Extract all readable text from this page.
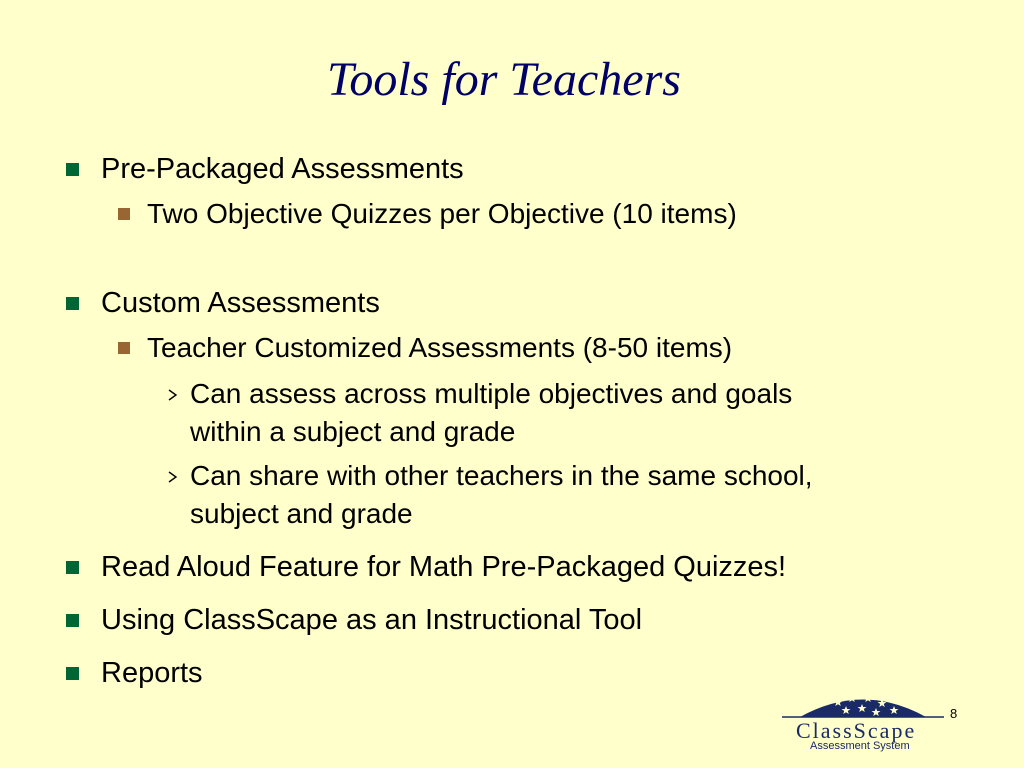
Tools for Teachers
Pre-Packaged Assessments
Two Objective Quizzes per Objective (10 items)
Custom Assessments
Teacher Customized Assessments (8-50 items)
Can assess across multiple objectives and goals
within a subject and grade
Can share with other teachers in the same school,
subject and grade
Read Aloud Feature for Math Pre-Packaged Quizzes!
Using ClassScape as an Instructional Tool
Reports
8
ClassScape
Assessment System
